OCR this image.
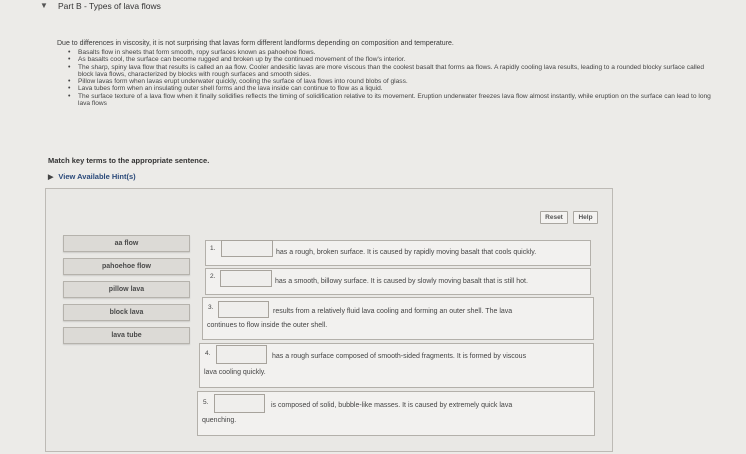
▼ Part B - Types of lava flows
Due to differences in viscosity, it is not surprising that lavas form different landforms depending on composition and temperature.
• Basalts flow in sheets that form smooth, ropy surfaces known as pahoehoe flows.
• As basalts cool, the surface can become rugged and broken up by the continued movement of the flow's interior.
• The sharp, spiny lava flow that results is called an aa flow. Cooler andesitic lavas are more viscous than the coolest basalt that forms aa flows. A rapidly cooling lava results, leading to a rounded blocky surface called block lava flows, characterized by blocks with rough surfaces and smooth sides.
• Pillow lavas form when lavas erupt underwater quickly, cooling the surface of lava flows into round blobs of glass.
• Lava tubes form when an insulating outer shell forms and the lava inside can continue to flow as a liquid.
• The surface texture of a lava flow when it finally solidifies reflects the timing of solidification relative to its movement. Eruption underwater freezes lava flow almost instantly, while eruption on the surface can lead to long lava flows
Match key terms to the appropriate sentence.
▶ View Available Hint(s)
Reset	Help
aa flow
pahoehoe flow
pillow lava
block lava
lava tube
1.
has a rough, broken surface. It is caused by rapidly moving basalt that cools quickly.
2.
has a smooth, billowy surface. It is caused by slowly moving basalt that is still hot.
3.
results from a relatively fluid lava cooling and forming an outer shell. The lava
continues to flow inside the outer shell.
4.	has a rough surface composed of smooth-sided fragments. It is formed by viscous
lava cooling quickly.
5.	is composed of solid, bubble-like masses. It is caused by extremely quick lava
quenching.
